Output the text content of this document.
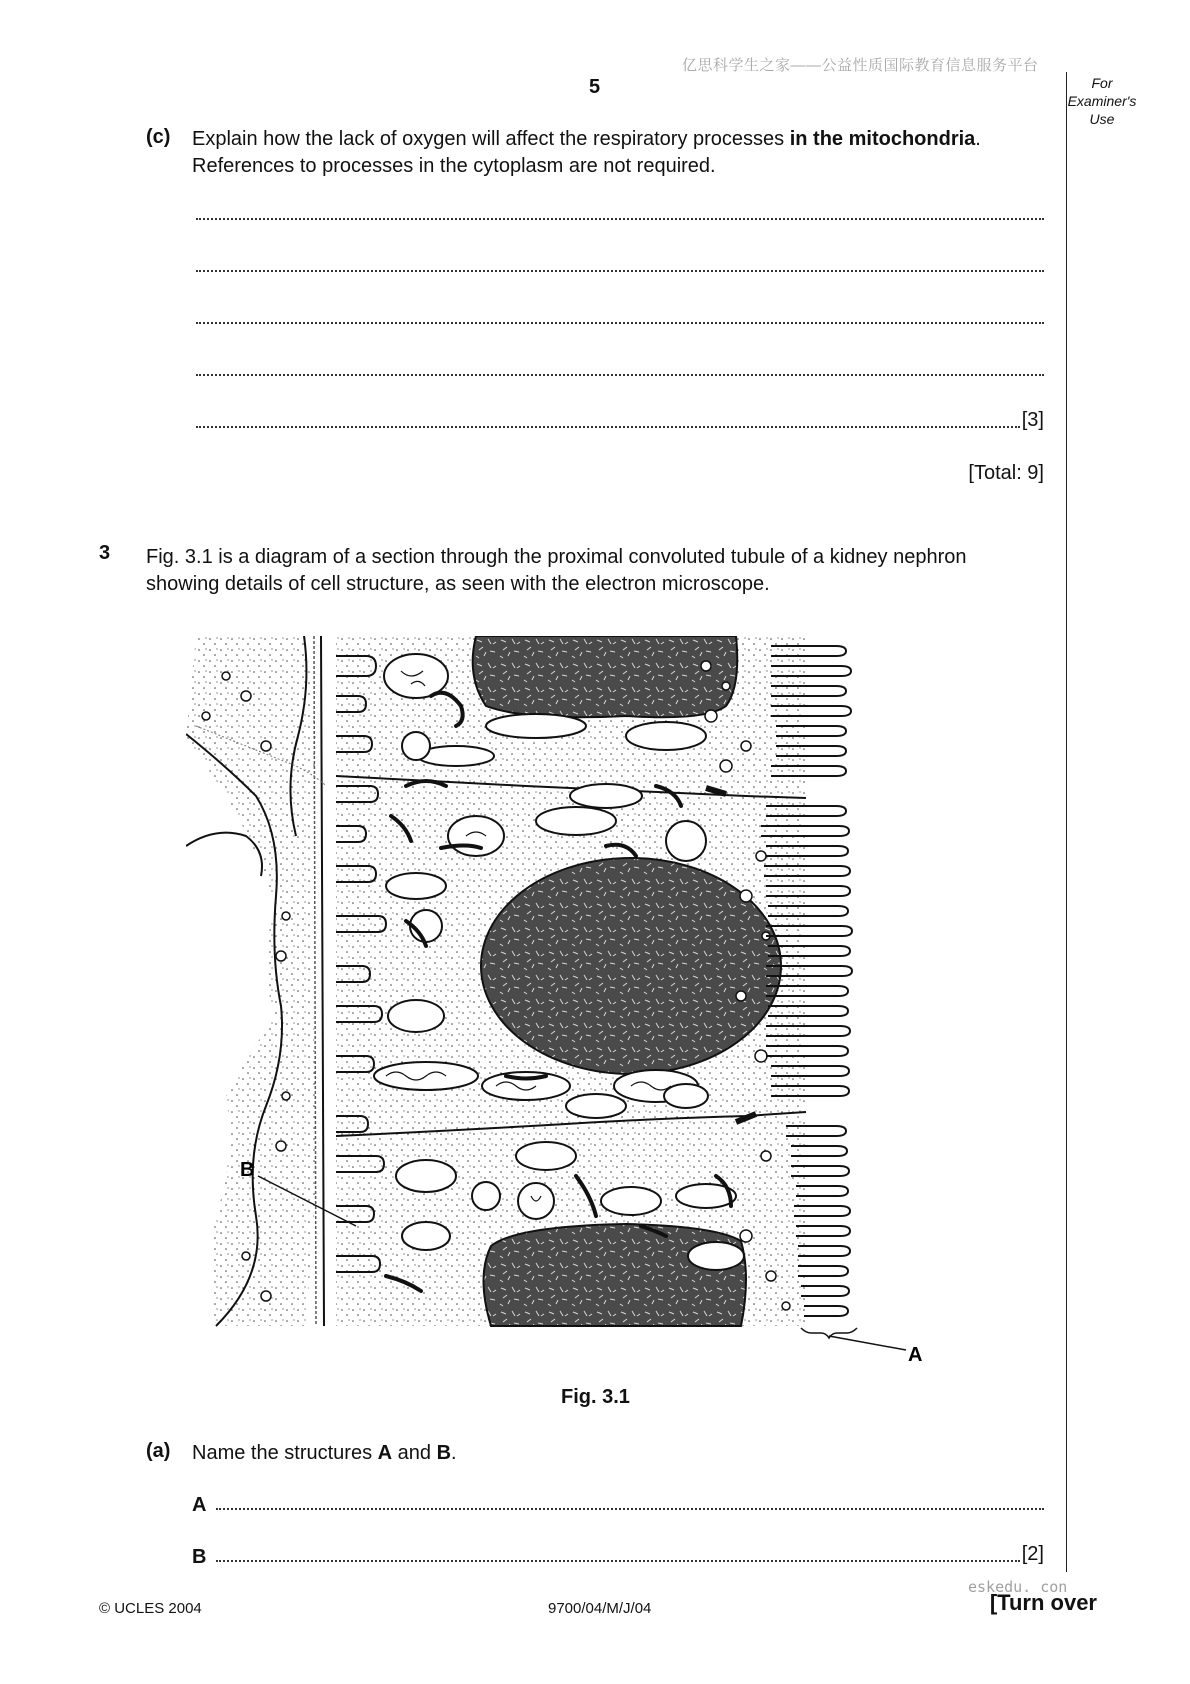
亿思科学生之家——公益性质国际教育信息服务平台
5	For
Examiner's
Use
(c) Explain how the lack of oxygen will affect the respiratory processes in the mitochondria.
References to processes in the cytoplasm are not required.
[3]
[Total: 9]
3 Fig. 3.1 is a diagram of a section through the proximal convoluted tubule of a kidney nephron
showing details of cell structure, as seen with the electron microscope.
B
A
Fig. 3.1
(a) Name the structures A and B.
A
B	[2]
eskedu. con
© UCLES 2004	9700/04/M/J/04	[Turn over
